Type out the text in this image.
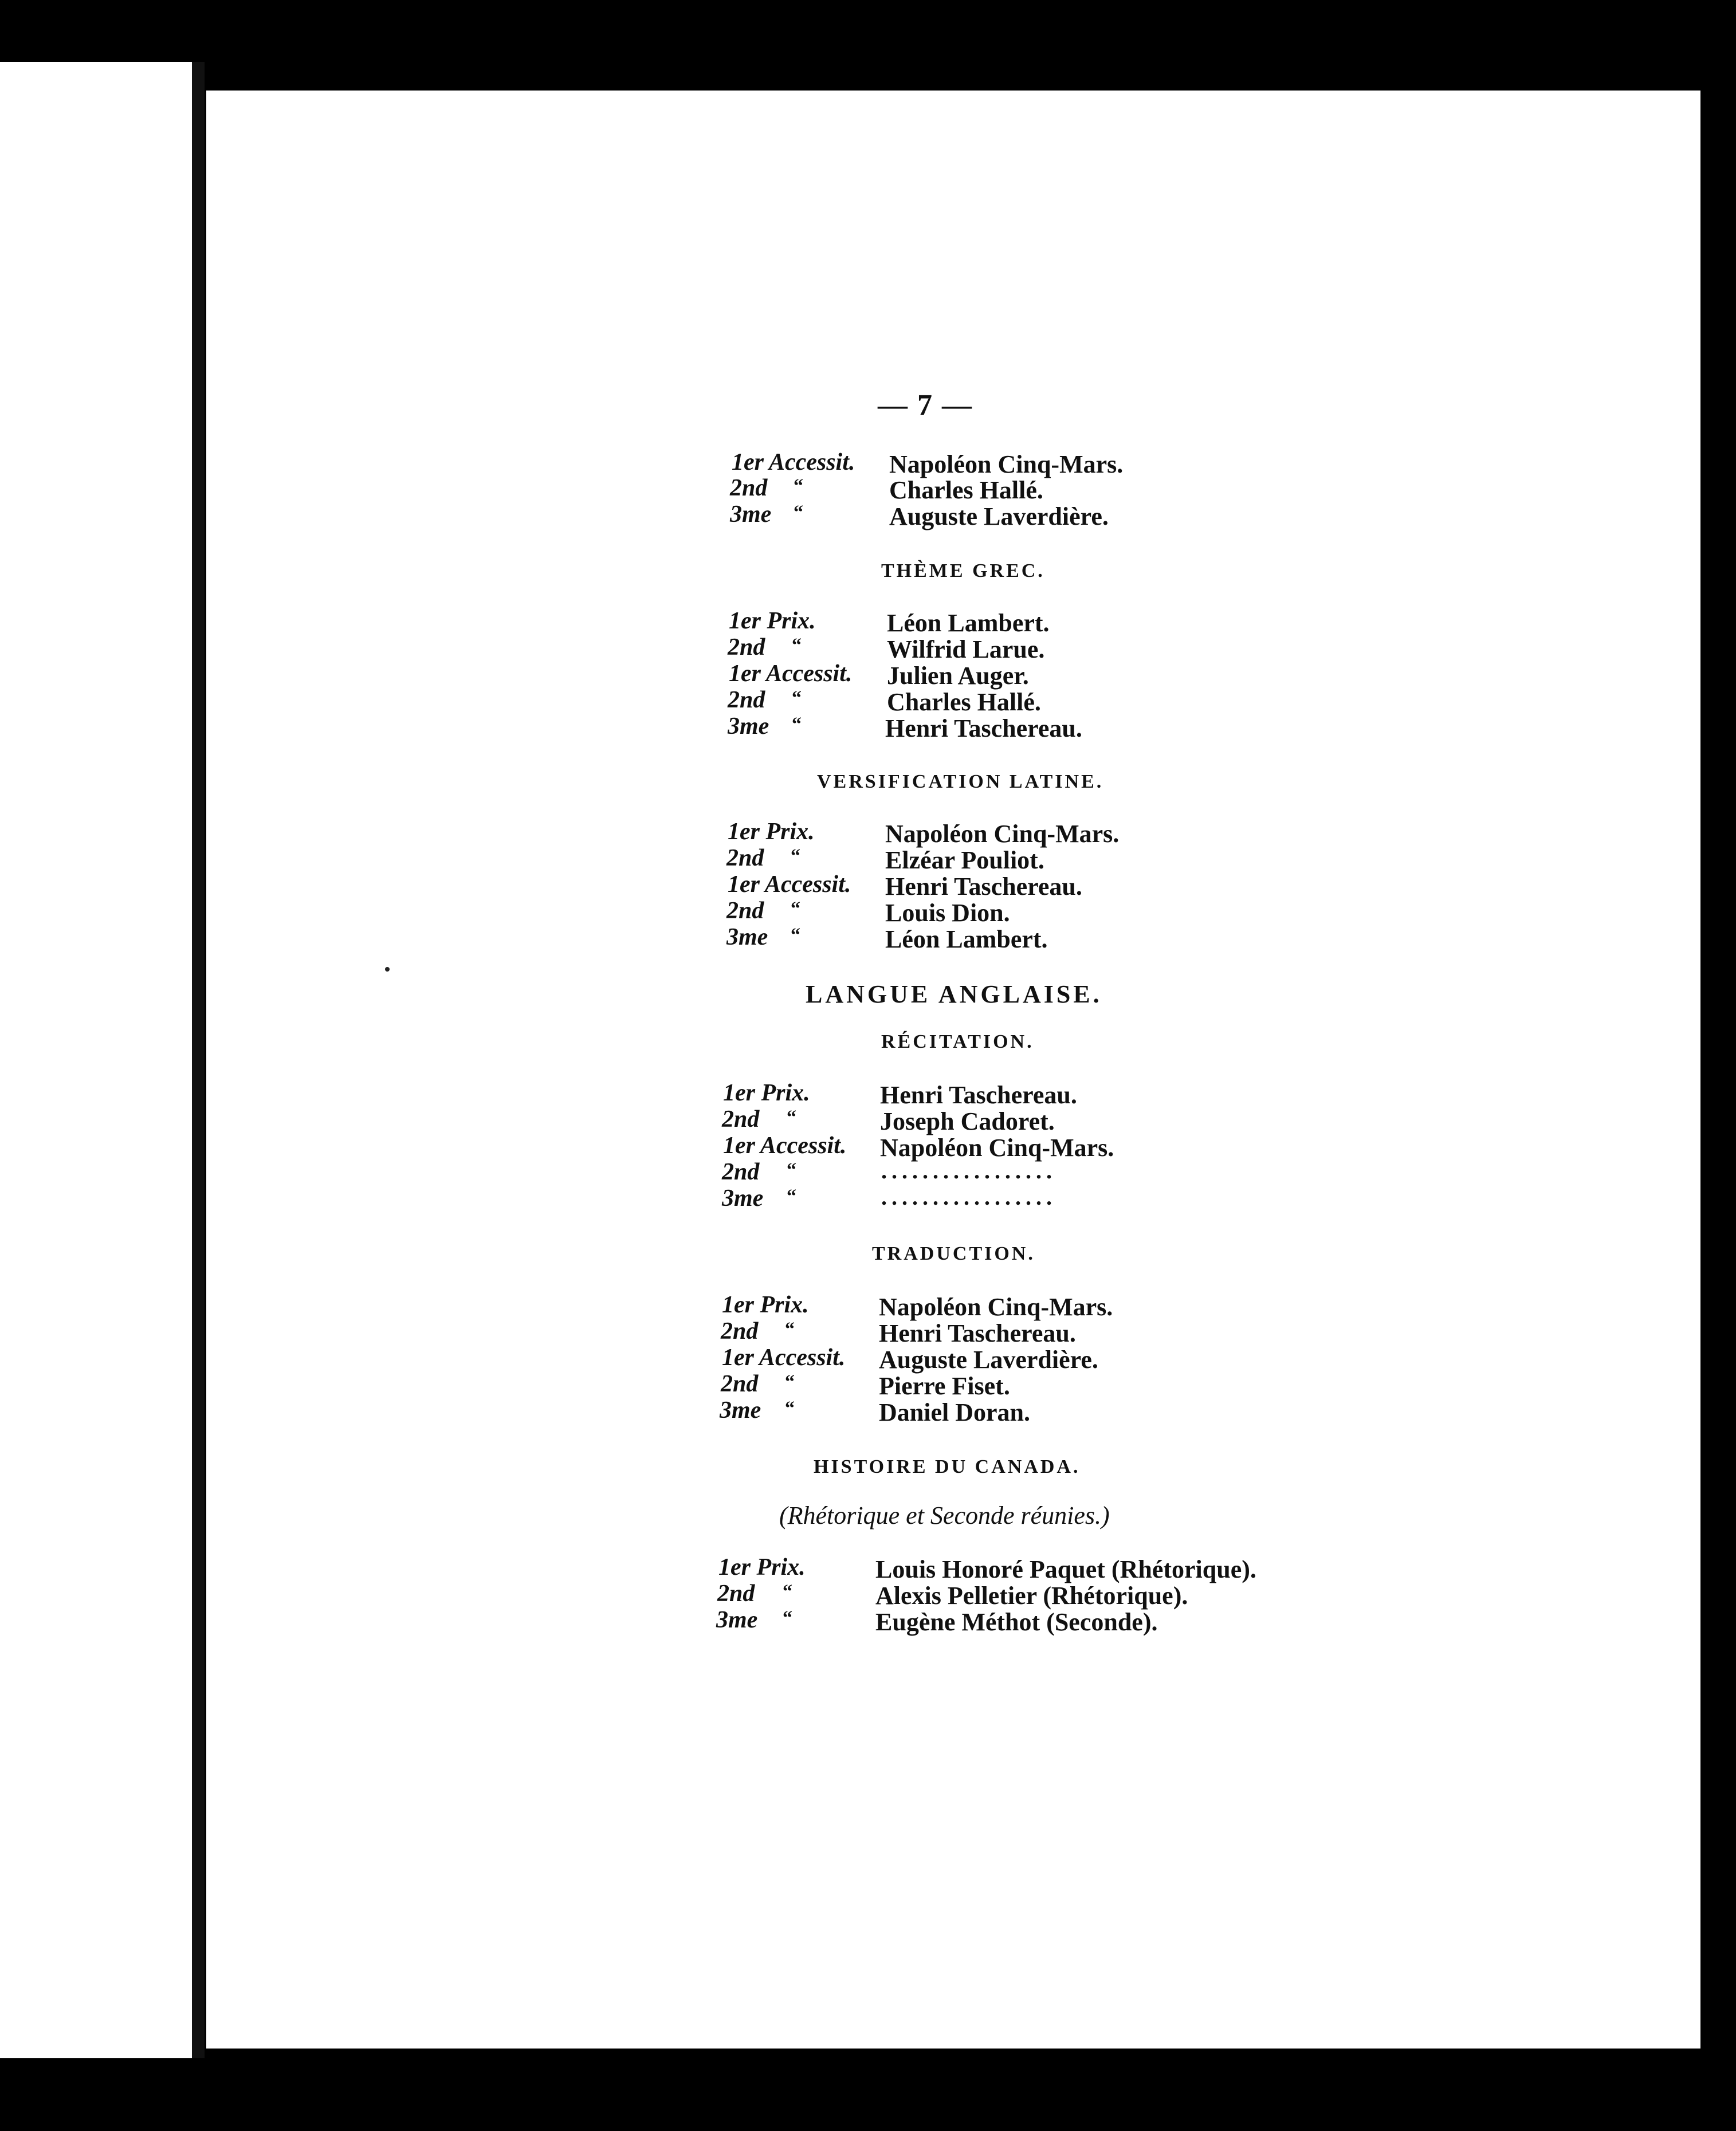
— 7 —
1er Accessit. Napoléon Cinq-Mars.
2nd “	Charles Hallé.
3me “	Auguste Laverdière.
THÈME GREC.
1er Prix.	Léon Lambert.
2nd “	Wilfrid Larue.
1er Accessit. Julien Auger.
2nd “	Charles Hallé.
3me “	Henri Taschereau.
VERSIFICATION LATINE.
1er Prix.	Napoléon Cinq-Mars.
2nd “	Elzéar Pouliot.
1er Accessit. Henri Taschereau.
2nd “	Louis Dion.
3me “	Léon Lambert.
LANGUE ANGLAISE.
RÉCITATION.
1er Prix.	Henri Taschereau.
2nd “	Joseph Cadoret.
1er Accessit. Napoléon Cinq-Mars.
2nd “	.................
3me “	.................
TRADUCTION.
1er Prix.	Napoléon Cinq-Mars.
2nd “	Henri Taschereau.
1er Accessit. Auguste Laverdière.
2nd “	Pierre Fiset.
3me “	Daniel Doran.
HISTOIRE DU CANADA.
(Rhétorique et Seconde réunies.)
1er Prix.	Louis Honoré Paquet (Rhétorique).
2nd “	Alexis Pelletier (Rhétorique).
3me “	Eugène Méthot (Seconde).
